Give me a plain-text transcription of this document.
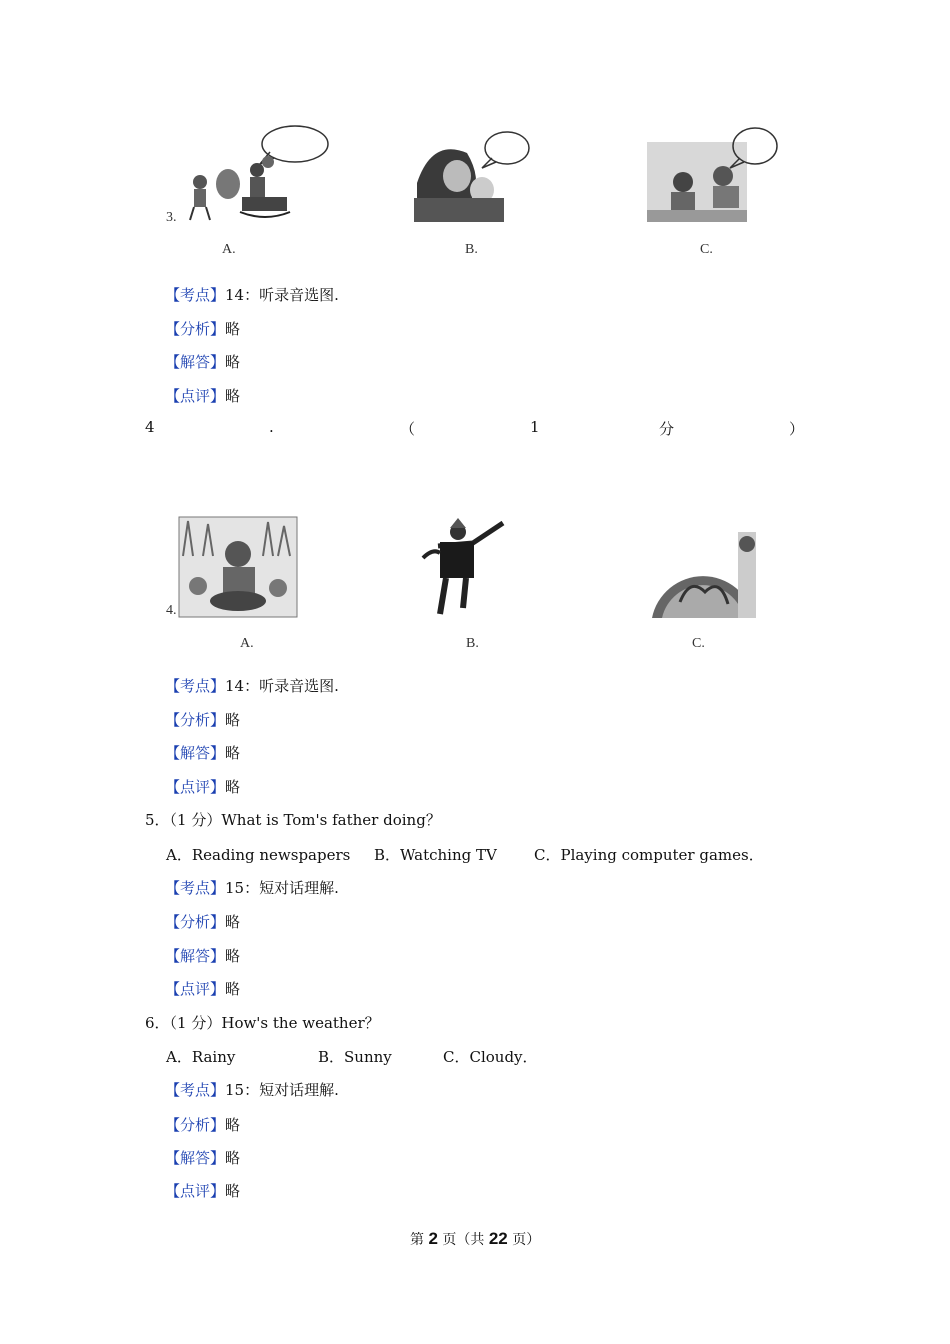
3.
A.	B.	C.
【考点】14：听录音选图.
【分析】略
【解答】略
【点评】略
4	.	（	1	分	）
4.
A.	B.	C.
【考点】14：听录音选图.
【分析】略
【解答】略
【点评】略
5．（1 分）What is Tom's father doing？
A．Reading newspapers B．Watching TV C．Playing computer games．
【考点】15：短对话理解.
【分析】略
【解答】略
【点评】略
6．（1 分）How's the weather？
A．Rainy	B．Sunny	C．Cloudy．
【考点】15：短对话理解.
【分析】略
【解答】略
【点评】略
第 2 页（共 22 页）
